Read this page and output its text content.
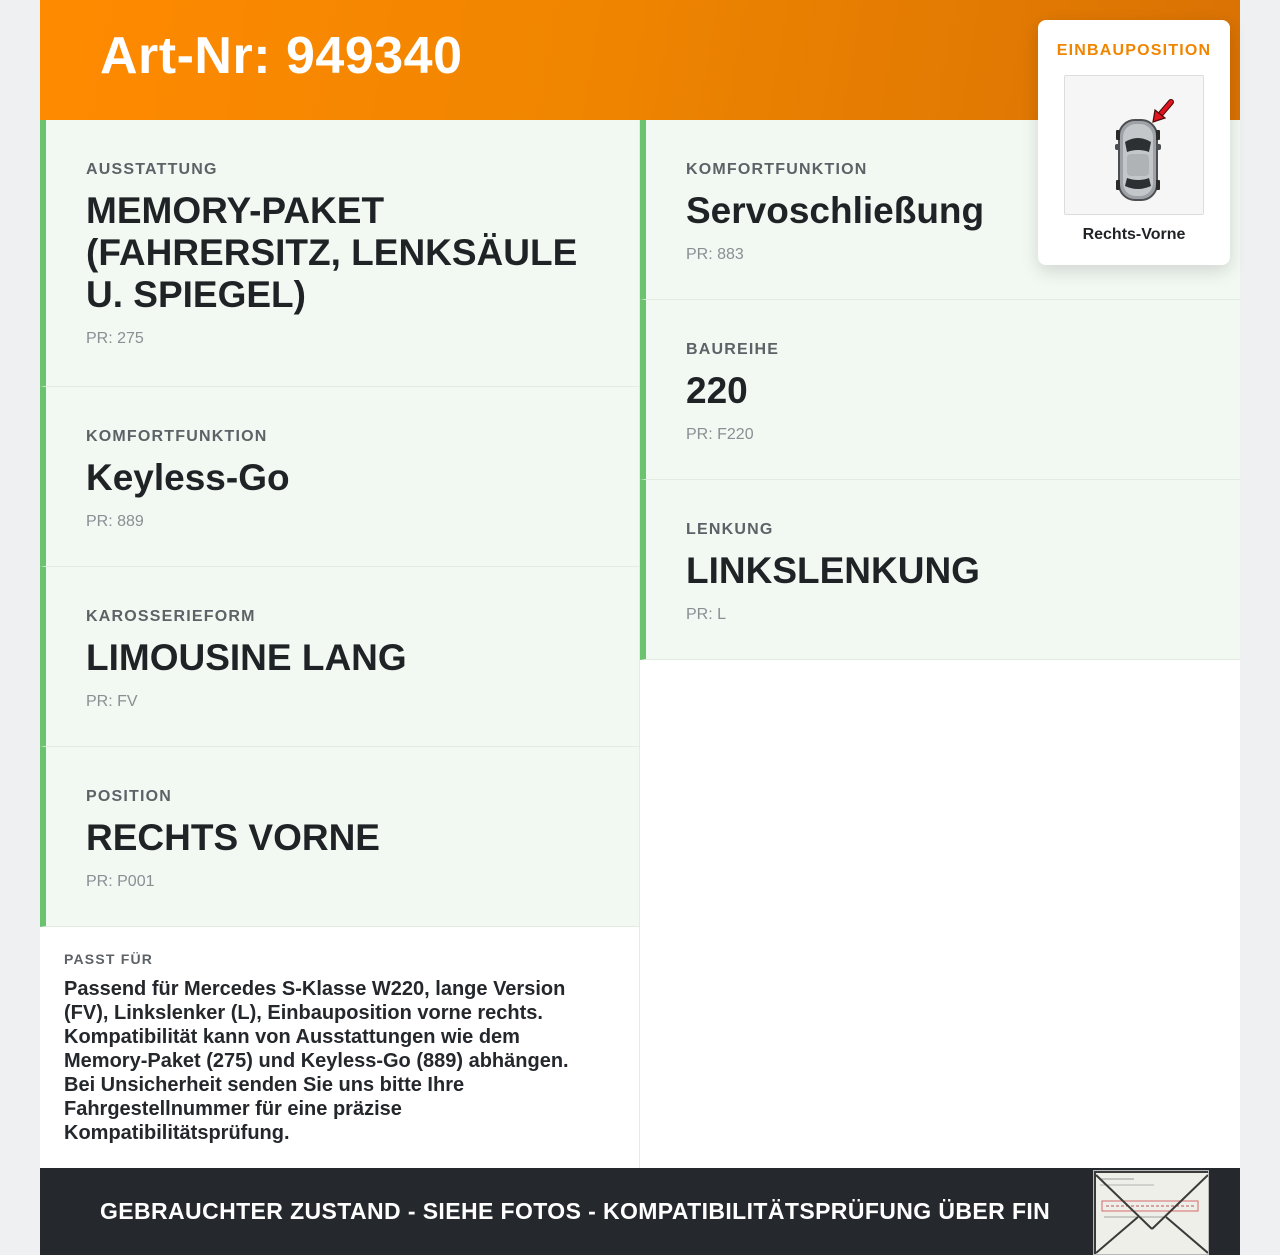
Art-Nr: 949340
AUSSTATTUNG
MEMORY-PAKET (FAHRERSITZ, LENKSÄULE U. SPIEGEL)
PR: 275
KOMFORTFUNKTION
Keyless-Go
PR: 889
KAROSSERIEFORM
LIMOUSINE LANG
PR: FV
POSITION
RECHTS VORNE
PR: P001
KOMFORTFUNKTION
Servoschließung
PR: 883
BAUREIHE
220
PR: F220
LENKUNG
LINKSLENKUNG
PR: L
PASST FÜR
Passend für Mercedes S-Klasse W220, lange Version (FV), Linkslenker (L), Einbauposition vorne rechts. Kompatibilität kann von Ausstattungen wie dem Memory-Paket (275) und Keyless-Go (889) abhängen. Bei Unsicherheit senden Sie uns bitte Ihre Fahrgestellnummer für eine präzise Kompatibilitätsprüfung.
GEBRAUCHTER ZUSTAND - SIEHE FOTOS - KOMPATIBILITÄTSPRÜFUNG ÜBER FIN
EINBAUPOSITION
Rechts-Vorne
